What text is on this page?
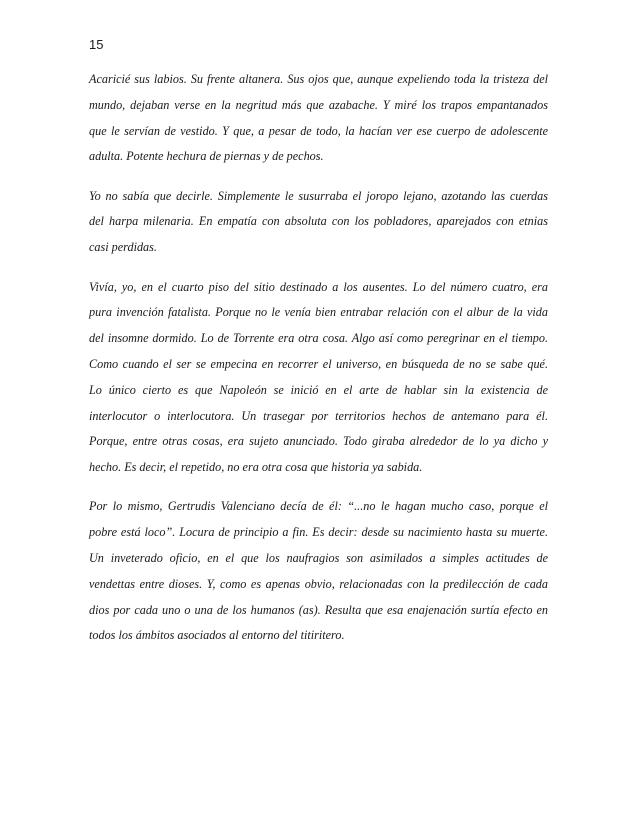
15

Acaricié sus labios. Su frente altanera. Sus ojos que, aunque expeliendo toda la tristeza del
mundo, dejaban verse en la negritud más que azabache. Y miré los trapos empantanados
que le servían de vestido. Y que, a pesar de todo, la hacían ver ese cuerpo de adolescente
adulta. Potente hechura de piernas y de pechos.

Yo no sabía que decirle. Simplemente le susurraba el joropo lejano, azotando las cuerdas
del harpa milenaria. En empatía con absoluta con los pobladores, aparejados con etnias
casi perdidas.

Vivía, yo, en el cuarto piso del sitio destinado a los ausentes. Lo del número cuatro, era
pura invención fatalista. Porque no le venía bien entrabar relación con el albur de la vida
del insomne dormido. Lo de Torrente era otra cosa. Algo así como peregrinar en el tiempo.
Como cuando el ser se empecina en recorrer el universo, en búsqueda de no se sabe qué.
Lo único cierto es que Napoleón se inició en el arte de hablar sin la existencia de
interlocutor o interlocutora. Un trasegar por territorios hechos de antemano para él.
Porque, entre otras cosas, era sujeto anunciado. Todo giraba alrededor de lo ya dicho y
hecho. Es decir, el repetido, no era otra cosa que historia ya sabida.

Por lo mismo, Gertrudis Valenciano decía de él: “...no le hagan mucho caso, porque el
pobre está loco”. Locura de principio a fin. Es decir: desde su nacimiento hasta su muerte.
Un inveterado oficio, en el que los naufragios son asimilados a simples actitudes de
vendettas entre dioses. Y, como es apenas obvio, relacionadas con la predilección de cada
dios por cada uno o una de los humanos (as). Resulta que esa enajenación surtía efecto en
todos los ámbitos asociados al entorno del titiritero.
